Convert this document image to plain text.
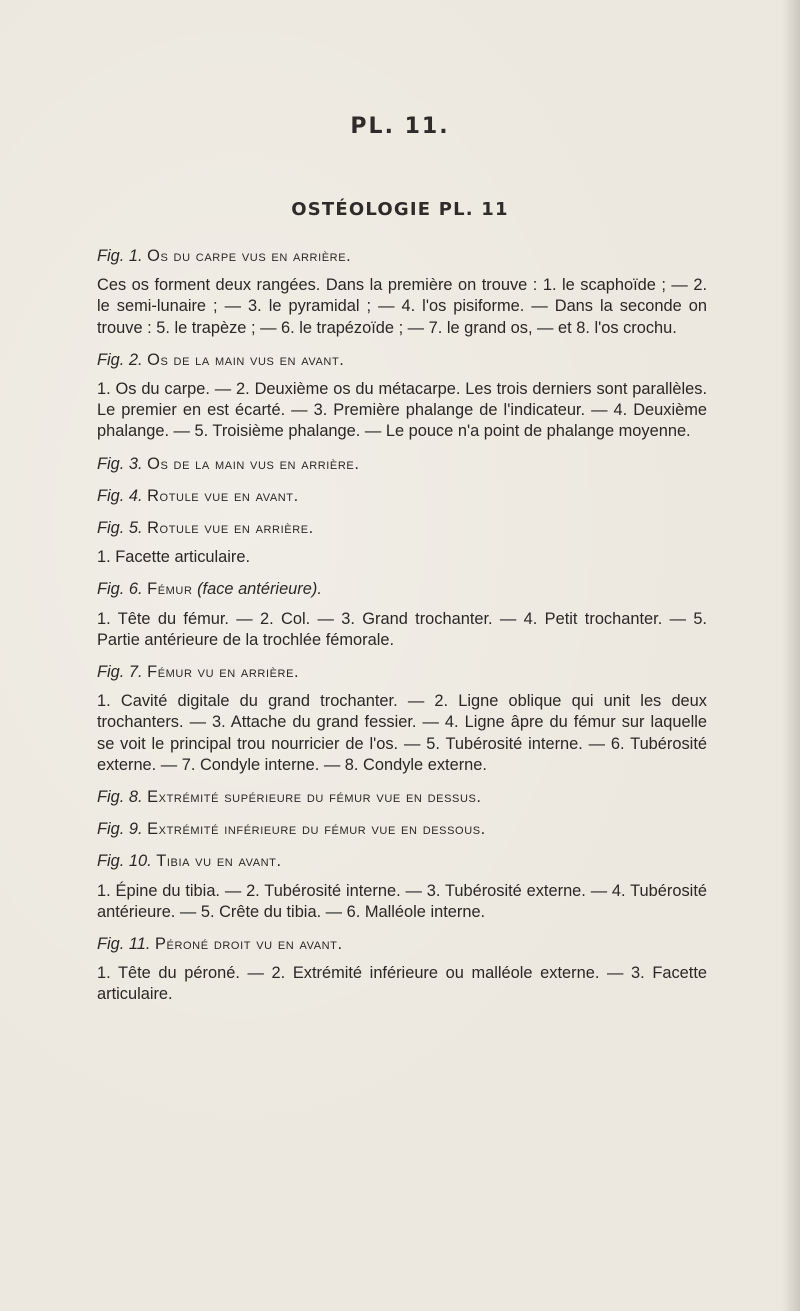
PL. 11.
OSTÉOLOGIE PL. 11

Fig. 1. Os du carpe vus en arrière.

Ces os forment deux rangées. Dans la première on trouve : 1. le scaphoïde ; — 2. le semi-lunaire ; — 3. le pyramidal ; — 4. l'os pisiforme. — Dans la seconde on trouve : 5. le trapèze ; — 6. le trapézoïde ; — 7. le grand os, — et 8. l'os crochu.

Fig. 2. Os de la main vus en avant.

1. Os du carpe. — 2. Deuxième os du métacarpe. Les trois derniers sont parallèles. Le premier en est écarté. — 3. Première phalange de l'indicateur. — 4. Deuxième phalange. — 5. Troisième phalange. — Le pouce n'a point de phalange moyenne.

Fig. 3. Os de la main vus en arrière.

Fig. 4. Rotule vue en avant.

Fig. 5. Rotule vue en arrière.

1. Facette articulaire.

Fig. 6. Fémur (face antérieure).

1. Tête du fémur. — 2. Col. — 3. Grand trochanter. — 4. Petit trochanter. — 5. Partie antérieure de la trochlée fémorale.

Fig. 7. Fémur vu en arrière.

1. Cavité digitale du grand trochanter. — 2. Ligne oblique qui unit les deux trochanters. — 3. Attache du grand fessier. — 4. Ligne âpre du fémur sur laquelle se voit le principal trou nourricier de l'os. — 5. Tubérosité interne. — 6. Tubérosité externe. — 7. Condyle interne. — 8. Condyle externe.

Fig. 8. Extrémité supérieure du fémur vue en dessus.

Fig. 9. Extrémité inférieure du fémur vue en dessous.

Fig. 10. Tibia vu en avant.

1. Épine du tibia. — 2. Tubérosité interne. — 3. Tubérosité externe. — 4. Tubérosité antérieure. — 5. Crête du tibia. — 6. Malléole interne.

Fig. 11. Péroné droit vu en avant.

1. Tête du péroné. — 2. Extrémité inférieure ou malléole externe. — 3. Facette articulaire.
